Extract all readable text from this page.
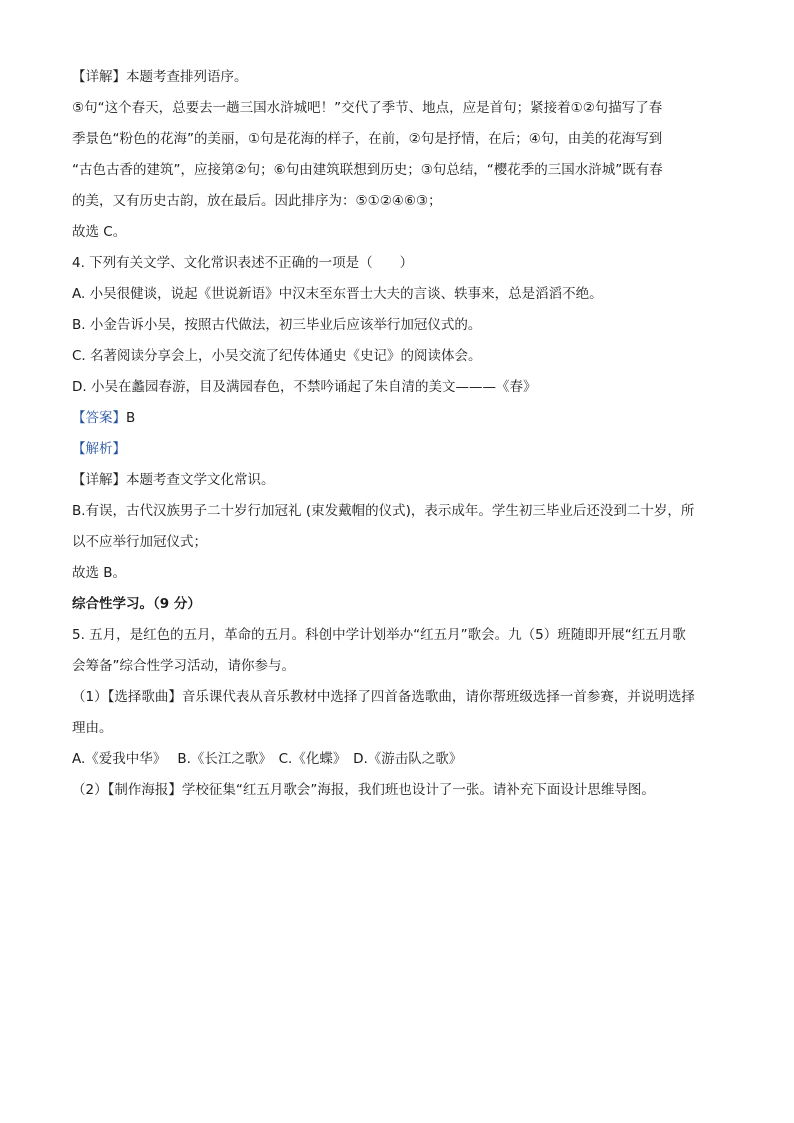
【详解】本题考查排列语序。
⑤句“这个春天，总要去一趟三国水浒城吧！”交代了季节、地点，应是首句；紧接着①②句描写了春
季景色“粉色的花海”的美丽，①句是花海的样子，在前，②句是抒情，在后；④句，由美的花海写到
“古色古香的建筑”，应接第②句；⑥句由建筑联想到历史；③句总结，“樱花季的三国水浒城”既有春
的美，又有历史古韵，放在最后。因此排序为：⑤①②④⑥③；
故选 C。
4. 下列有关文学、文化常识表述不正确的一项是（　　）
A. 小吴很健谈，说起《世说新语》中汉末至东晋士大夫的言谈、轶事来，总是滔滔不绝。
B. 小金告诉小吴，按照古代做法，初三毕业后应该举行加冠仪式的。
C. 名著阅读分享会上，小吴交流了纪传体通史《史记》的阅读体会。
D. 小吴在蠡园春游，目及满园春色，不禁吟诵起了朱自清的美文———《春》
【答案】B
【解析】
【详解】本题考查文学文化常识。
B.有误，古代汉族男子二十岁行加冠礼 (束发戴帽的仪式)，表示成年。学生初三毕业后还没到二十岁，所
以不应举行加冠仪式；
故选 B。
综合性学习。（9 分）
5. 五月，是红色的五月，革命的五月。科创中学计划举办“红五月”歌会。九（5）班随即开展“红五月歌
会筹备”综合性学习活动，请你参与。
（1）【选择歌曲】音乐课代表从音乐教材中选择了四首备选歌曲，请你帮班级选择一首参赛，并说明选择
理由。
A.《爱我中华》　 B.《长江之歌》　C.《化蝶》　D.《游击队之歌》
（2）【制作海报】学校征集“红五月歌会”海报，我们班也设计了一张。请补充下面设计思维导图。
